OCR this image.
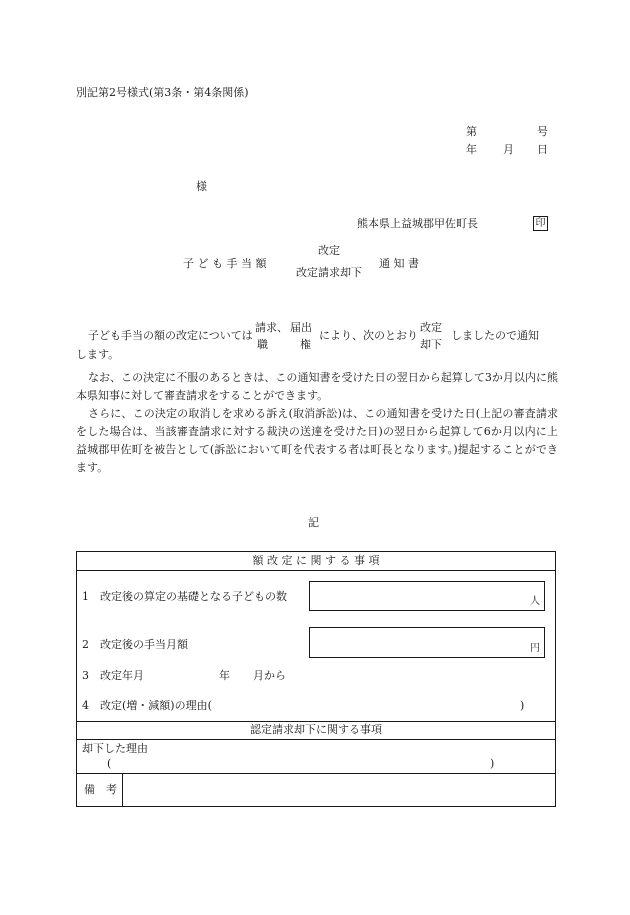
別記第2号様式(第3条・第4条関係)
第	号
年 月 日
様
熊本県上益城郡甲佐町長	印
子 ど も 手 当 額
改定
改定請求却下
通 知 書
子ども手当の額の改定については
請求、
職
届出
権
により、次のとおり
改定
却下
しましたので通知
します。
なお、この決定に不服のあるときは、この通知書を受けた日の翌日から起算して3か月以内に熊本県知事に対して審査請求をすることができます。
さらに、この決定の取消しを求める訴え(取消訴訟)は、この通知書を受けた日(上記の審査請求をした場合は、当該審査請求に対する裁決の送達を受けた日)の翌日から起算して6か月以内に上益城郡甲佐町を被告として(訴訟において町を代表する者は町長となります。)提起することができます。
記
額 改 定 に 関 す る 事 項
1　改定後の算定の基礎となる子どもの数	人
2　改定後の手当月額	円
3　改定年月	年 月から
4　改定(増・減額)の理由(	)
認定請求却下に関する事項
却下した理由
(	)
備　考
